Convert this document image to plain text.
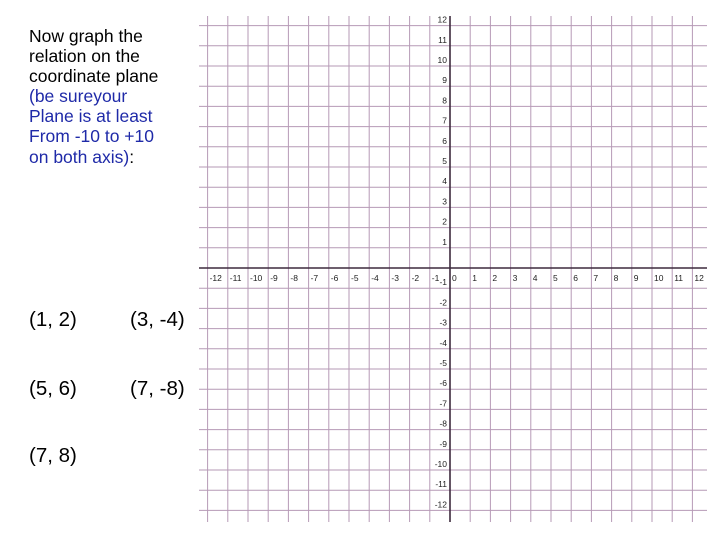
Now graph the
relation on the
coordinate plane
(be sureyour
Plane is at least
From -10 to +10
on both axis):
(1, 2)	(3, -4)
(5, 6)	(7, -8)
(7, 8)
-12 -11 -10 -9 -8 -7 -6 -5 -4 -3 -2 -1 0 1 2 3 4 5 6 7 8 9 10 11 12
12
11
10
9
8
7
6
5
4
3
2
1
-1
-2
-3
-4
-5
-6
-7
-8
-9
-10
-11
-12
